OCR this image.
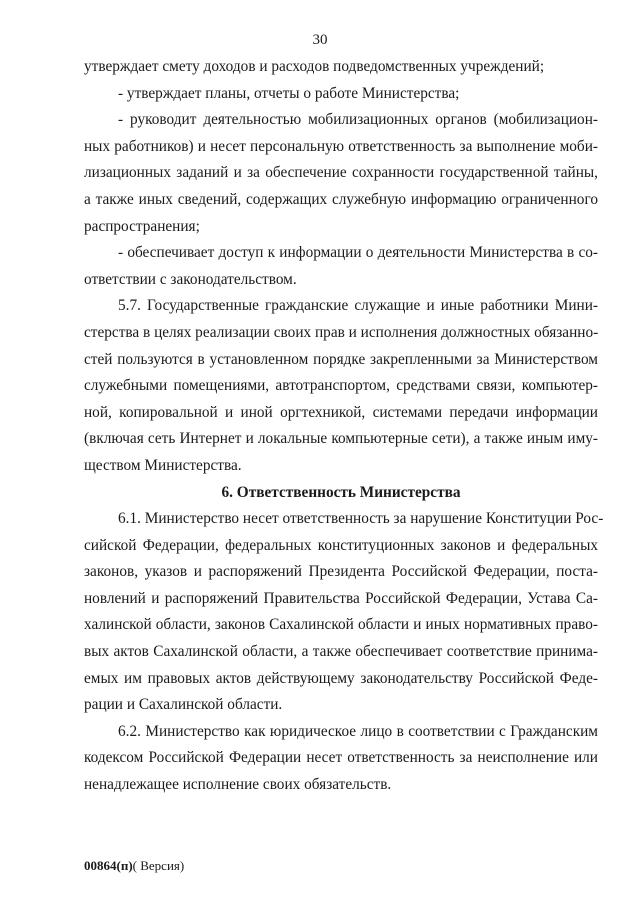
30
утверждает смету доходов и расходов подведомственных учреждений;
- утверждает планы, отчеты о работе Министерства;
- руководит деятельностью мобилизационных органов (мобилизацион-
ных работников) и несет персональную ответственность за выполнение моби-
лизационных заданий и за обеспечение сохранности государственной тайны,
а также иных сведений, содержащих служебную информацию ограниченного
распространения;
- обеспечивает доступ к информации о деятельности Министерства в со-
ответствии с законодательством.
5.7. Государственные гражданские служащие и иные работники Мини-
стерства в целях реализации своих прав и исполнения должностных обязанно-
стей пользуются в установленном порядке закрепленными за Министерством
служебными помещениями, автотранспортом, средствами связи, компьютер-
ной, копировальной и иной оргтехникой, системами передачи информации
(включая сеть Интернет и локальные компьютерные сети), а также иным иму-
ществом Министерства.
6. Ответственность Министерства
6.1. Министерство несет ответственность за нарушение Конституции Рос-
сийской Федерации, федеральных конституционных законов и федеральных
законов, указов и распоряжений Президента Российской Федерации, поста-
новлений и распоряжений Правительства Российской Федерации, Устава Са-
халинской области, законов Сахалинской области и иных нормативных право-
вых актов Сахалинской области, а также обеспечивает соответствие принима-
емых им правовых актов действующему законодательству Российской Феде-
рации и Сахалинской области.
6.2. Министерство как юридическое лицо в соответствии с Гражданским
кодексом Российской Федерации несет ответственность за неисполнение или
ненадлежащее исполнение своих обязательств.
00864(п)( Версия)
